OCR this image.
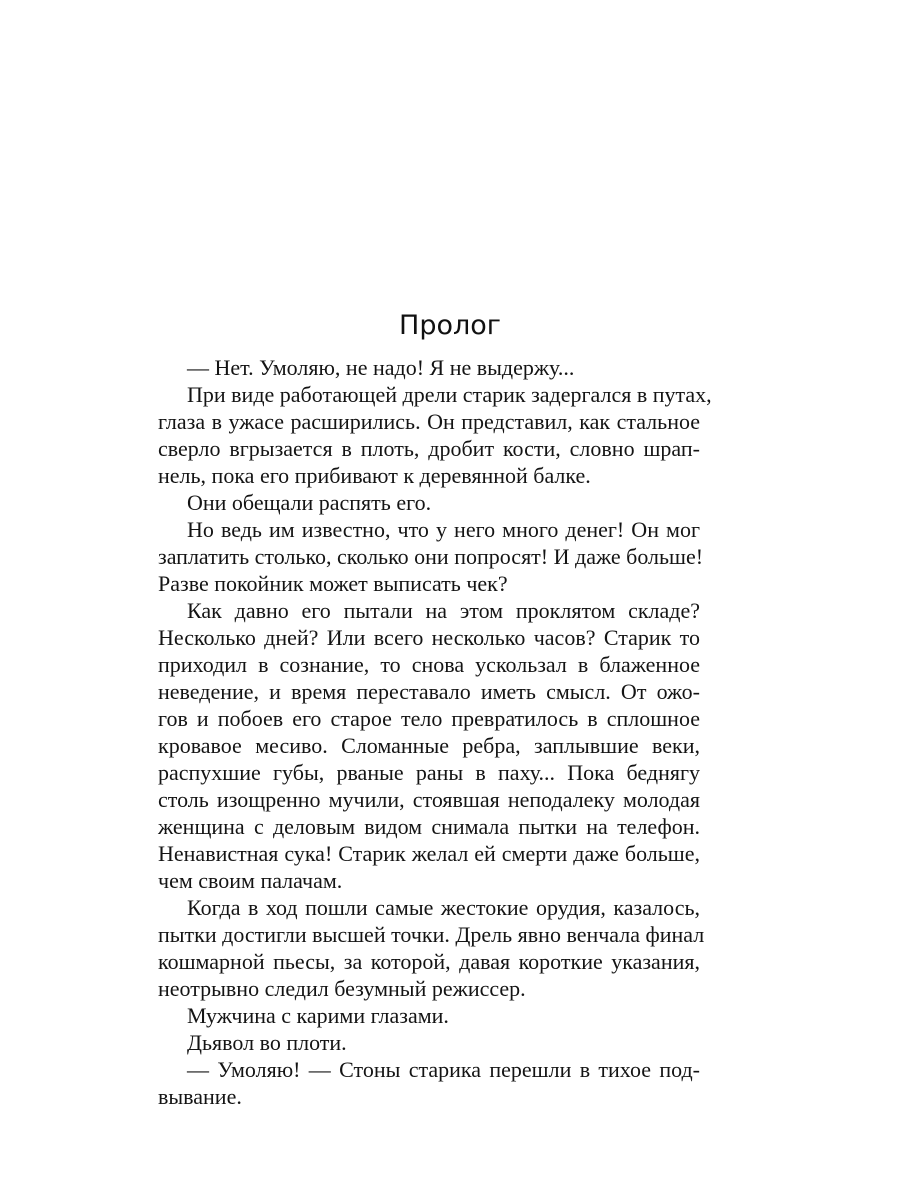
Пролог
— Нет. Умоляю, не надо! Я не выдержу...
При виде работающей дрели старик задергался в путах,
глаза в ужасе расширились. Он представил, как стальное
сверло вгрызается в плоть, дробит кости, словно шрап-
нель, пока его прибивают к деревянной балке.
Они обещали распять его.
Но ведь им известно, что у него много денег! Он мог
заплатить столько, сколько они попросят! И даже больше!
Разве покойник может выписать чек?
Как давно его пытали на этом проклятом складе?
Несколько дней? Или всего несколько часов? Старик то
приходил в сознание, то снова ускользал в блаженное
неведение, и время переставало иметь смысл. От ожо-
гов и побоев его старое тело превратилось в сплошное
кровавое месиво. Сломанные ребра, заплывшие веки,
распухшие губы, рваные раны в паху... Пока беднягу
столь изощренно мучили, стоявшая неподалеку молодая
женщина с деловым видом снимала пытки на телефон.
Ненавистная сука! Старик желал ей смерти даже больше,
чем своим палачам.
Когда в ход пошли самые жестокие орудия, казалось,
пытки достигли высшей точки. Дрель явно венчала финал
кошмарной пьесы, за которой, давая короткие указания,
неотрывно следил безумный режиссер.
Мужчина с карими глазами.
Дьявол во плоти.
— Умоляю! — Стоны старика перешли в тихое под-
вывание.
